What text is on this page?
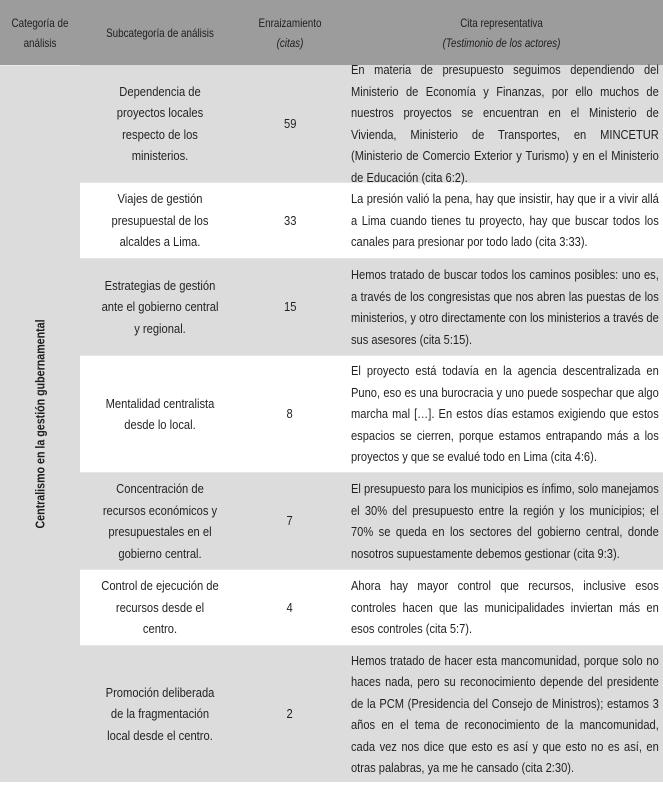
Categoría de análisis
Subcategoría de análisis
Enraizamiento
(citas)
Cita representativa
(Testimonio de los actores)
Centralismo en la gestión gubernamental
Dependencia de proyectos locales respecto de los ministerios.
59
En materia de presupuesto seguimos dependiendo del Ministerio de Economía y Finanzas, por ello muchos de nuestros proyectos se encuentran en el Ministerio de Vivienda, Ministerio de Transportes, en MINCETUR (Ministerio de Comercio Exterior y Turismo) y en el Ministerio de Educación (cita 6:2).
Viajes de gestión presupuestal de los alcaldes a Lima.
33
La presión valió la pena, hay que insistir, hay que ir a vivir allá a Lima cuando tienes tu proyecto, hay que buscar todos los canales para presionar por todo lado (cita 3:33).
Estrategias de gestión ante el gobierno central y regional.
15
Hemos tratado de buscar todos los caminos posibles: uno es, a través de los congresistas que nos abren las puestas de los ministerios, y otro directamente con los ministerios a través de sus asesores (cita 5:15).
Mentalidad centralista desde lo local.
8
El proyecto está todavía en la agencia descentralizada en Puno, eso es una burocracia y uno puede sospechar que algo marcha mal […]. En estos días estamos exigiendo que estos espacios se cierren, porque estamos entrapando más a los proyectos y que se evalué todo en Lima (cita 4:6).
Concentración de recursos económicos y presupuestales en el gobierno central.
7
El presupuesto para los municipios es ínfimo, solo manejamos el 30% del presupuesto entre la región y los municipios; el 70% se queda en los sectores del gobierno central, donde nosotros supuestamente debemos gestionar (cita 9:3).
Control de ejecución de recursos desde el centro.
4
Ahora hay mayor control que recursos, inclusive esos controles hacen que las municipalidades inviertan más en esos controles (cita 5:7).
Promoción deliberada de la fragmentación local desde el centro.
2
Hemos tratado de hacer esta mancomunidad, porque solo no haces nada, pero su reconocimiento depende del presidente de la PCM (Presidencia del Consejo de Ministros); estamos 3 años en el tema de reconocimiento de la mancomunidad, cada vez nos dice que esto es así y que esto no es así, en otras palabras, ya me he cansado (cita 2:30).
